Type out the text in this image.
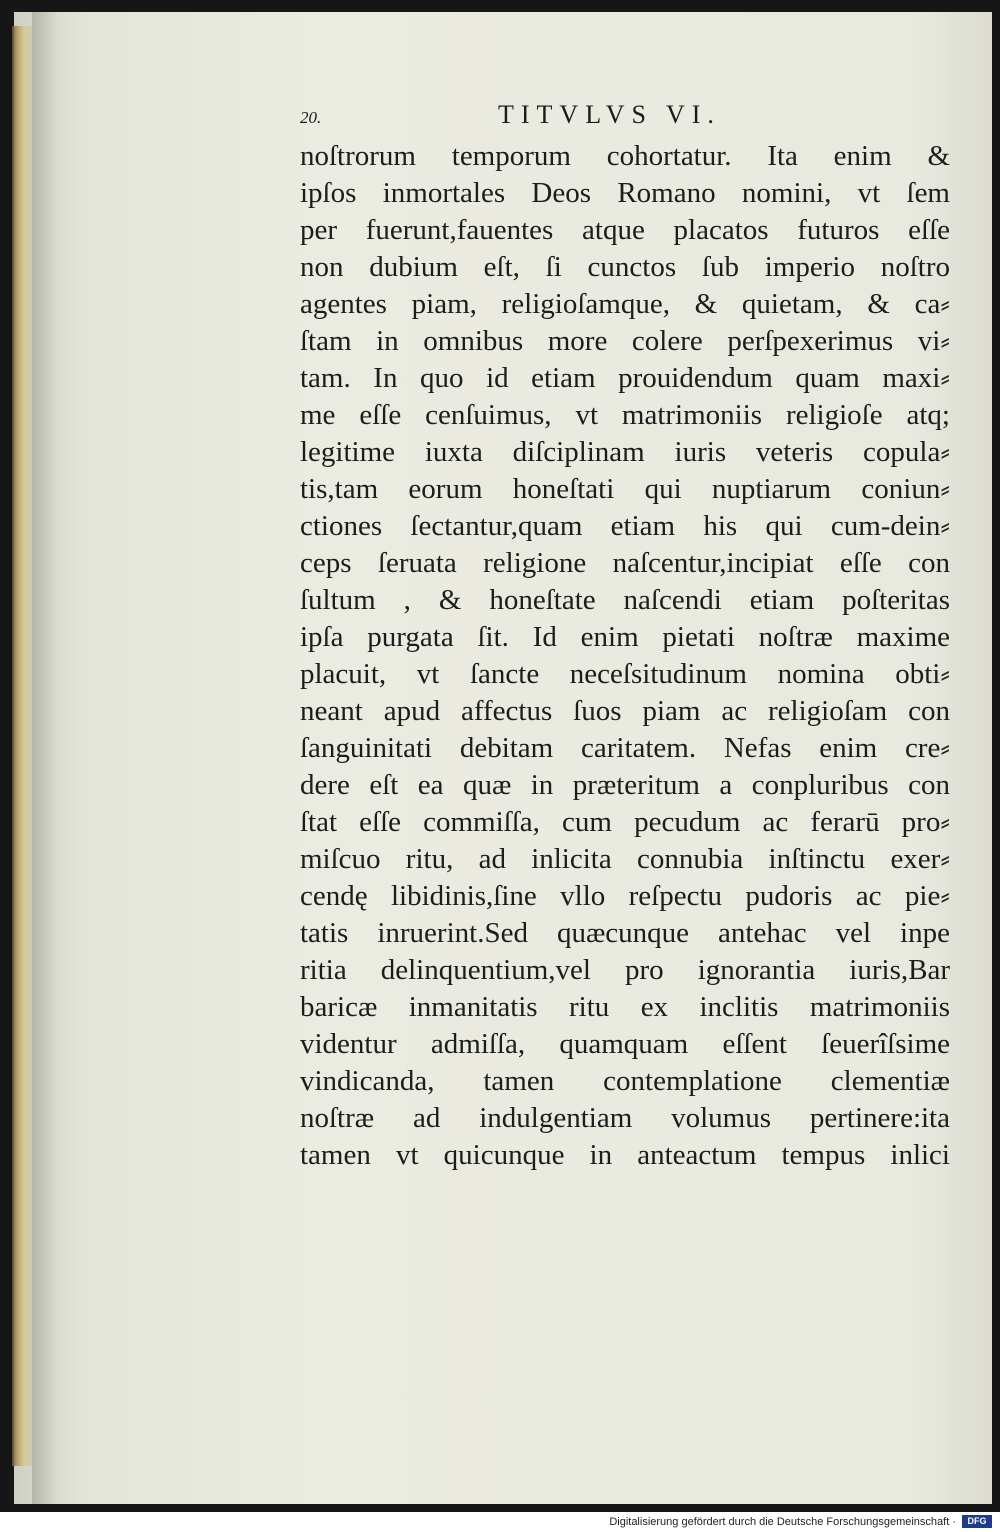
20.	TITVLVS VI.
noſtrorum temporum cohortatur. Ita enim &
ipſos inmortales Deos Romano nomini, vt ſem
per fuerunt,fauentes atque placatos futuros eſſe
non dubium eſt, ſi cunctos ſub imperio noſtro
agentes piam, religioſamque, & quietam, & ca⸗
ſtam in omnibus more colere perſpexerimus vi⸗
tam. In quo id etiam prouidendum quam maxi⸗
me eſſe cenſuimus, vt matrimoniis religioſe atq;
legitime iuxta diſciplinam iuris veteris copula⸗
tis,tam eorum honeſtati qui nuptiarum coniun⸗
ctiones ſectantur,quam etiam his qui cum-dein⸗
ceps ſeruata religione naſcentur,incipiat eſſe con
ſultum , & honeſtate naſcendi etiam poſteritas
ipſa purgata ſit. Id enim pietati noſtræ maxime
placuit, vt ſancte neceſsitudinum nomina obti⸗
neant apud affectus ſuos piam ac religioſam con
ſanguinitati debitam caritatem. Nefas enim cre⸗
dere eſt ea quæ in præteritum a conpluribus con
ſtat eſſe commiſſa, cum pecudum ac ferarū pro⸗
miſcuo ritu, ad inlicita connubia inſtinctu exer⸗
cendę libidinis,ſine vllo reſpectu pudoris ac pie⸗
tatis inruerint.Sed quæcunque antehac vel inpe
ritia delinquentium,vel pro ignorantia iuris,Bar
baricæ inmanitatis ritu ex inclitis matrimoniis
videntur admiſſa, quamquam eſſent ſeuerîſsime
vindicanda, tamen contemplatione clementiæ
noſtræ ad indulgentiam volumus pertinere:ita
tamen vt quicunque in anteactum tempus inlici
Digitalisierung gefördert durch die Deutsche Forschungsgemeinschaft ·	DFG
